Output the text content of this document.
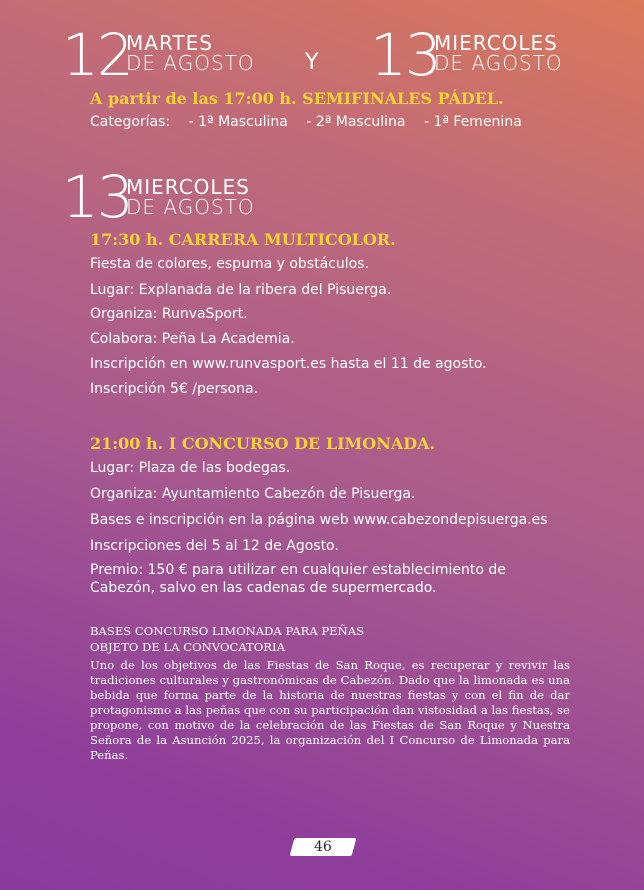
12
MARTES
DE AGOSTO Y 13
MIERCOLES
DE AGOSTO
A partir de las 17:00 h. SEMIFINALES PÁDEL.
Categorías: - 1ª Masculina - 2ª Masculina - 1ª Femenina
13
MIERCOLES
DE AGOSTO
17:30 h. CARRERA MULTICOLOR.
Fiesta de colores, espuma y obstáculos.
Lugar: Explanada de la ribera del Pisuerga.
Organiza: RunvaSport.
Colabora: Peña La Academia.
Inscripción en www.runvasport.es hasta el 11 de agosto.
Inscripción 5€ /persona.
21:00 h. I CONCURSO DE LIMONADA.
Lugar: Plaza de las bodegas.
Organiza: Ayuntamiento Cabezón de Pisuerga.
Bases e inscripción en la página web www.cabezondepisuerga.es
Inscripciones del 5 al 12 de Agosto.
Premio: 150 € para utilizar en cualquier establecimiento de
Cabezón, salvo en las cadenas de supermercado.
BASES CONCURSO LIMONADA PARA PEÑAS
OBJETO DE LA CONVOCATORIA
Uno de los objetivos de las Fiestas de San Roque, es recuperar y revivir las tradiciones culturales y gastronómicas de Cabezón. Dado que la limonada es una bebida que forma parte de la historia de nuestras fiestas y con el fin de dar protagonismo a las peñas que con su participación dan vistosidad a las fiestas, se propone, con motivo de la celebración de las Fiestas de San Roque y Nuestra Señora de la Asunción 2025, la organización del I Concurso de Limonada para Peñas.
46
